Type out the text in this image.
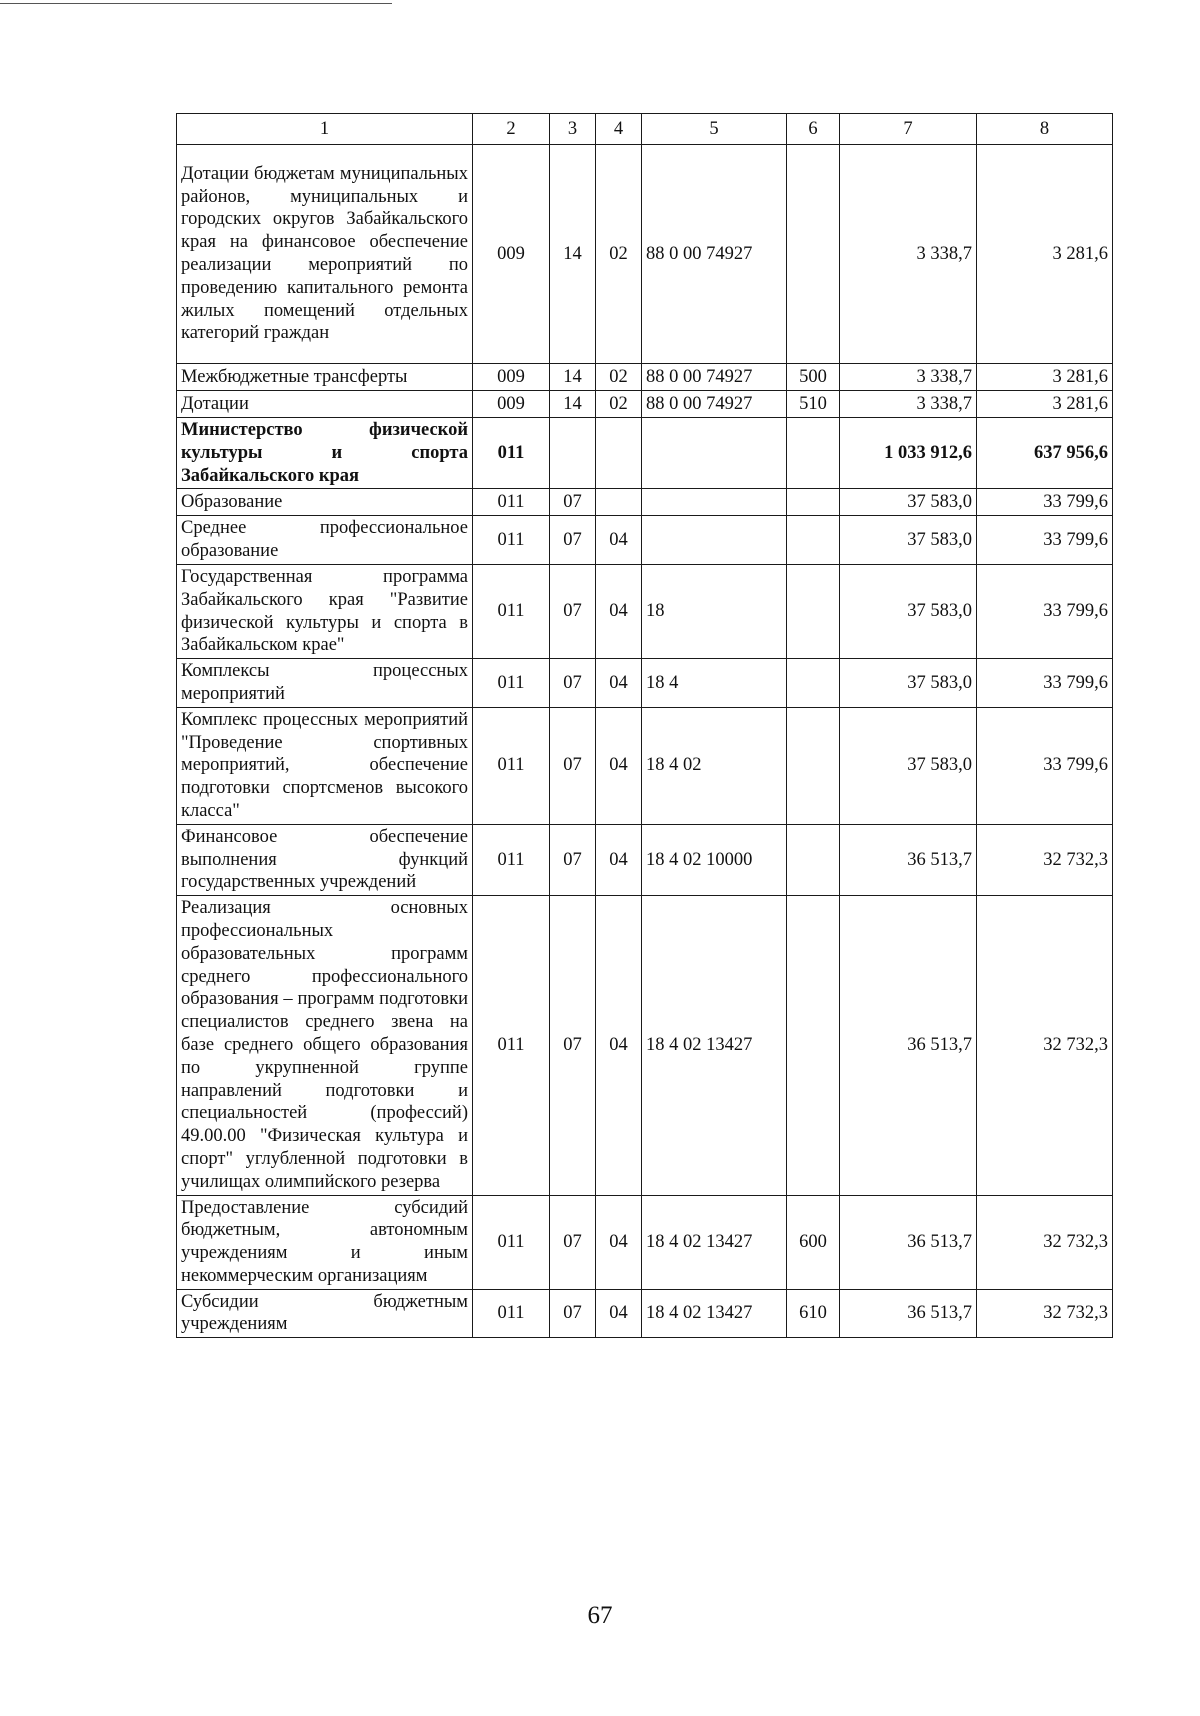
1	2	3	4	5	6	7	8
Дотации бюджетам муниципальных районов, муниципальных и городских округов Забайкальского края на финансовое обеспечение реализации мероприятий по проведению капитального ремонта жилых помещений отдельных категорий граждан	009	14	02	88 0 00 74927		3 338,7	3 281,6
Межбюджетные трансферты	009	14	02	88 0 00 74927	500	3 338,7	3 281,6
Дотации	009	14	02	88 0 00 74927	510	3 338,7	3 281,6
Министерство физической культуры и спорта Забайкальского края	011					1 033 912,6	637 956,6
Образование	011	07				37 583,0	33 799,6
Среднее профессиональное образование	011	07	04			37 583,0	33 799,6
Государственная программа Забайкальского края "Развитие физической культуры и спорта в Забайкальском крае"	011	07	04	18		37 583,0	33 799,6
Комплексы процессных мероприятий	011	07	04	18 4		37 583,0	33 799,6
Комплекс процессных мероприятий "Проведение спортивных мероприятий, обеспечение подготовки спортсменов высокого класса"	011	07	04	18 4 02		37 583,0	33 799,6
Финансовое обеспечение выполнения функций государственных учреждений	011	07	04	18 4 02 10000		36 513,7	32 732,3
Реализация основных профессиональных образовательных программ среднего профессионального образования – программ подготовки специалистов среднего звена на базе среднего общего образования по укрупненной группе направлений подготовки и специальностей (профессий) 49.00.00 "Физическая культура и спорт" углубленной подготовки в училищах олимпийского резерва	011	07	04	18 4 02 13427		36 513,7	32 732,3
Предоставление субсидий бюджетным, автономным учреждениям и иным некоммерческим организациям	011	07	04	18 4 02 13427	600	36 513,7	32 732,3
Субсидии бюджетным учреждениям	011	07	04	18 4 02 13427	610	36 513,7	32 732,3
67
